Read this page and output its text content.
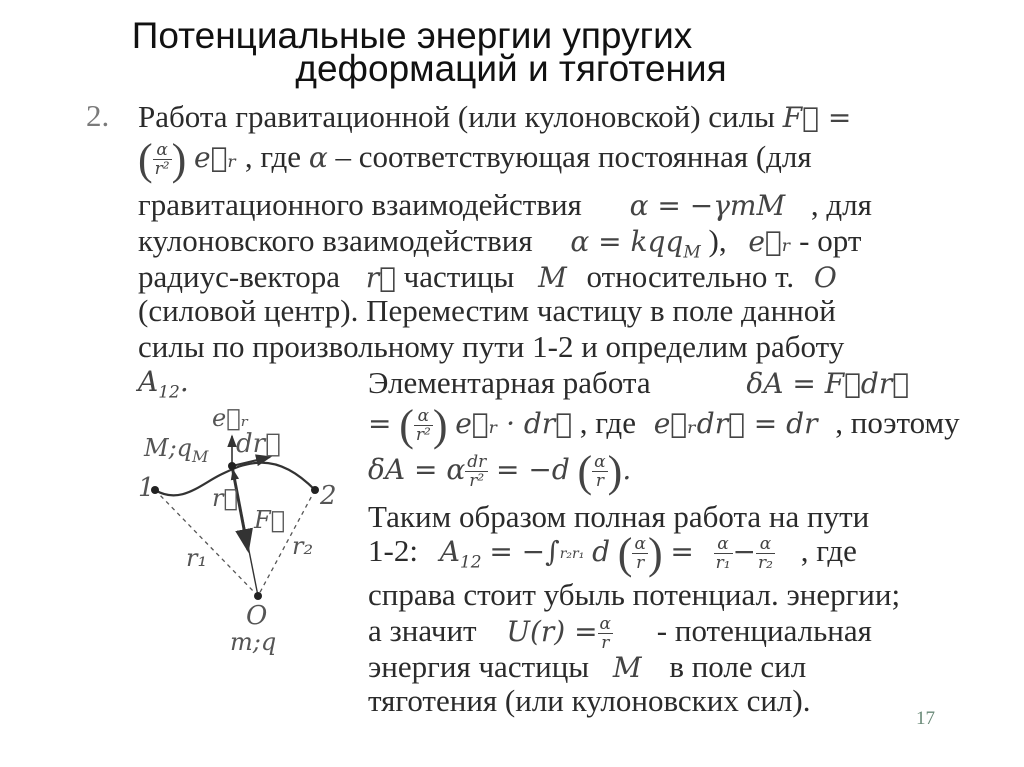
Потенциальные энергии упругих
деформаций и тяготения
2. Работа гравитационной (или кулоновской) силы F⃗ =
( $\frac{\alpha}{\text{r²}}$ ) e⃗ᵣ , где α – соответствующая постоянная (для
гравитационного взаимодействия α = −γmM , для
кулоновского взаимодействия α = kqq$_M$ ), e⃗ᵣ - орт
радиус-вектора r⃗ частицы M относительно т. O
(силовой центр). Переместим частицу в поле данной
силы по произвольному пути 1-2 и определим работу
$A_{12}$.	Элементарная работа	δA = F⃗dr⃗
= ( $\frac{\alpha}{\text{r²}}$ ) e⃗ᵣ · dr⃗ , где e⃗ᵣdr⃗ = dr , поэтому
δA = α $\frac{dr}{\text{r²}} = -d$ ( $\frac{\alpha}{r}$ ).
Таким образом полная работа на пути
1-2: $A_{12} = -\int r_2r_1$ d ( $\frac{\alpha}{r}$ ) = $\frac{\alpha}{\text{r₁}} - \frac{\alpha}{\text{r₂}}$ , где
справа стоит убыль потенциал. энергии;
а значит $U(r) = \frac{\alpha}{r}$ - потенциальная
энергия частицы M в поле сил
тяготения (или кулоновских сил).
e⃗ᵣ
$M;q_M$ dr⃗
1	2
r⃗
F⃗
r₁	r₂
O
m;q
17
